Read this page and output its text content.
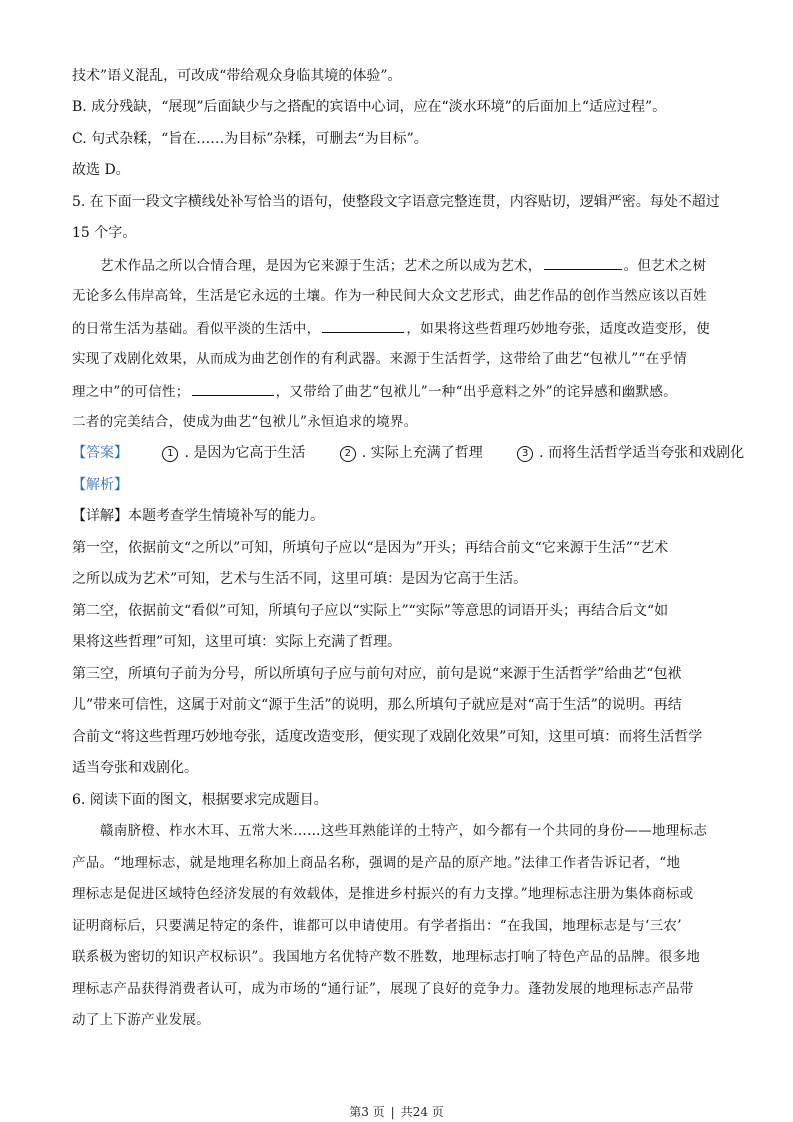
技术”语义混乱，可改成“带给观众身临其境的体验”。
B. 成分残缺，“展现”后面缺少与之搭配的宾语中心词，应在“淡水环境”的后面加上“适应过程”。
C. 句式杂糅，“旨在……为目标”杂糅，可删去“为目标”。
故选 D。
5. 在下面一段文字横线处补写恰当的语句，使整段文字语意完整连贯，内容贴切，逻辑严密。每处不超过
15 个字。
艺术作品之所以合情合理，是因为它来源于生活；艺术之所以成为艺术，	。但艺术之树
无论多么伟岸高耸，生活是它永远的土壤。作为一种民间大众文艺形式，曲艺作品的创作当然应该以百姓
的日常生活为基础。看似平淡的生活中，	，如果将这些哲理巧妙地夸张，适度改造变形，使
实现了戏剧化效果，从而成为曲艺创作的有利武器。来源于生活哲学，这带给了曲艺“包袱儿”“在乎情
理之中”的可信性；	，又带给了曲艺“包袱儿”一种“出乎意料之外”的诧异感和幽默感。
二者的完美结合，使成为曲艺“包袱儿”永恒追求的境界。
【答案】	1 . 是因为它高于生活	2 . 实际上充满了哲理	3 . 而将生活哲学适当夸张和戏剧化
【解析】
【详解】本题考查学生情境补写的能力。
第一空，依据前文“之所以”可知，所填句子应以“是因为”开头；再结合前文“它来源于生活”“艺术
之所以成为艺术”可知，艺术与生活不同，这里可填：是因为它高于生活。
第二空，依据前文“看似”可知，所填句子应以“实际上”“实际”等意思的词语开头；再结合后文“如
果将这些哲理”可知，这里可填：实际上充满了哲理。
第三空，所填句子前为分号，所以所填句子应与前句对应，前句是说“来源于生活哲学”给曲艺“包袱
儿”带来可信性，这属于对前文“源于生活”的说明，那么所填句子就应是对“高于生活”的说明。再结
合前文“将这些哲理巧妙地夸张，适度改造变形，便实现了戏剧化效果”可知，这里可填：而将生活哲学
适当夸张和戏剧化。
6. 阅读下面的图文，根据要求完成题目。
赣南脐橙、柞水木耳、五常大米……这些耳熟能详的土特产，如今都有一个共同的身份——地理标志
产品。“地理标志，就是地理名称加上商品名称，强调的是产品的原产地。”法律工作者告诉记者，“地
理标志是促进区域特色经济发展的有效载体，是推进乡村振兴的有力支撑。”地理标志注册为集体商标或
证明商标后，只要满足特定的条件，谁都可以申请使用。有学者指出：“在我国，地理标志是与‘三农’
联系极为密切的知识产权标识”。我国地方名优特产数不胜数，地理标志打响了特色产品的品牌。很多地
理标志产品获得消费者认可，成为市场的“通行证”，展现了良好的竞争力。蓬勃发展的地理标志产品带
动了上下游产业发展。
第3 页 | 共24 页
